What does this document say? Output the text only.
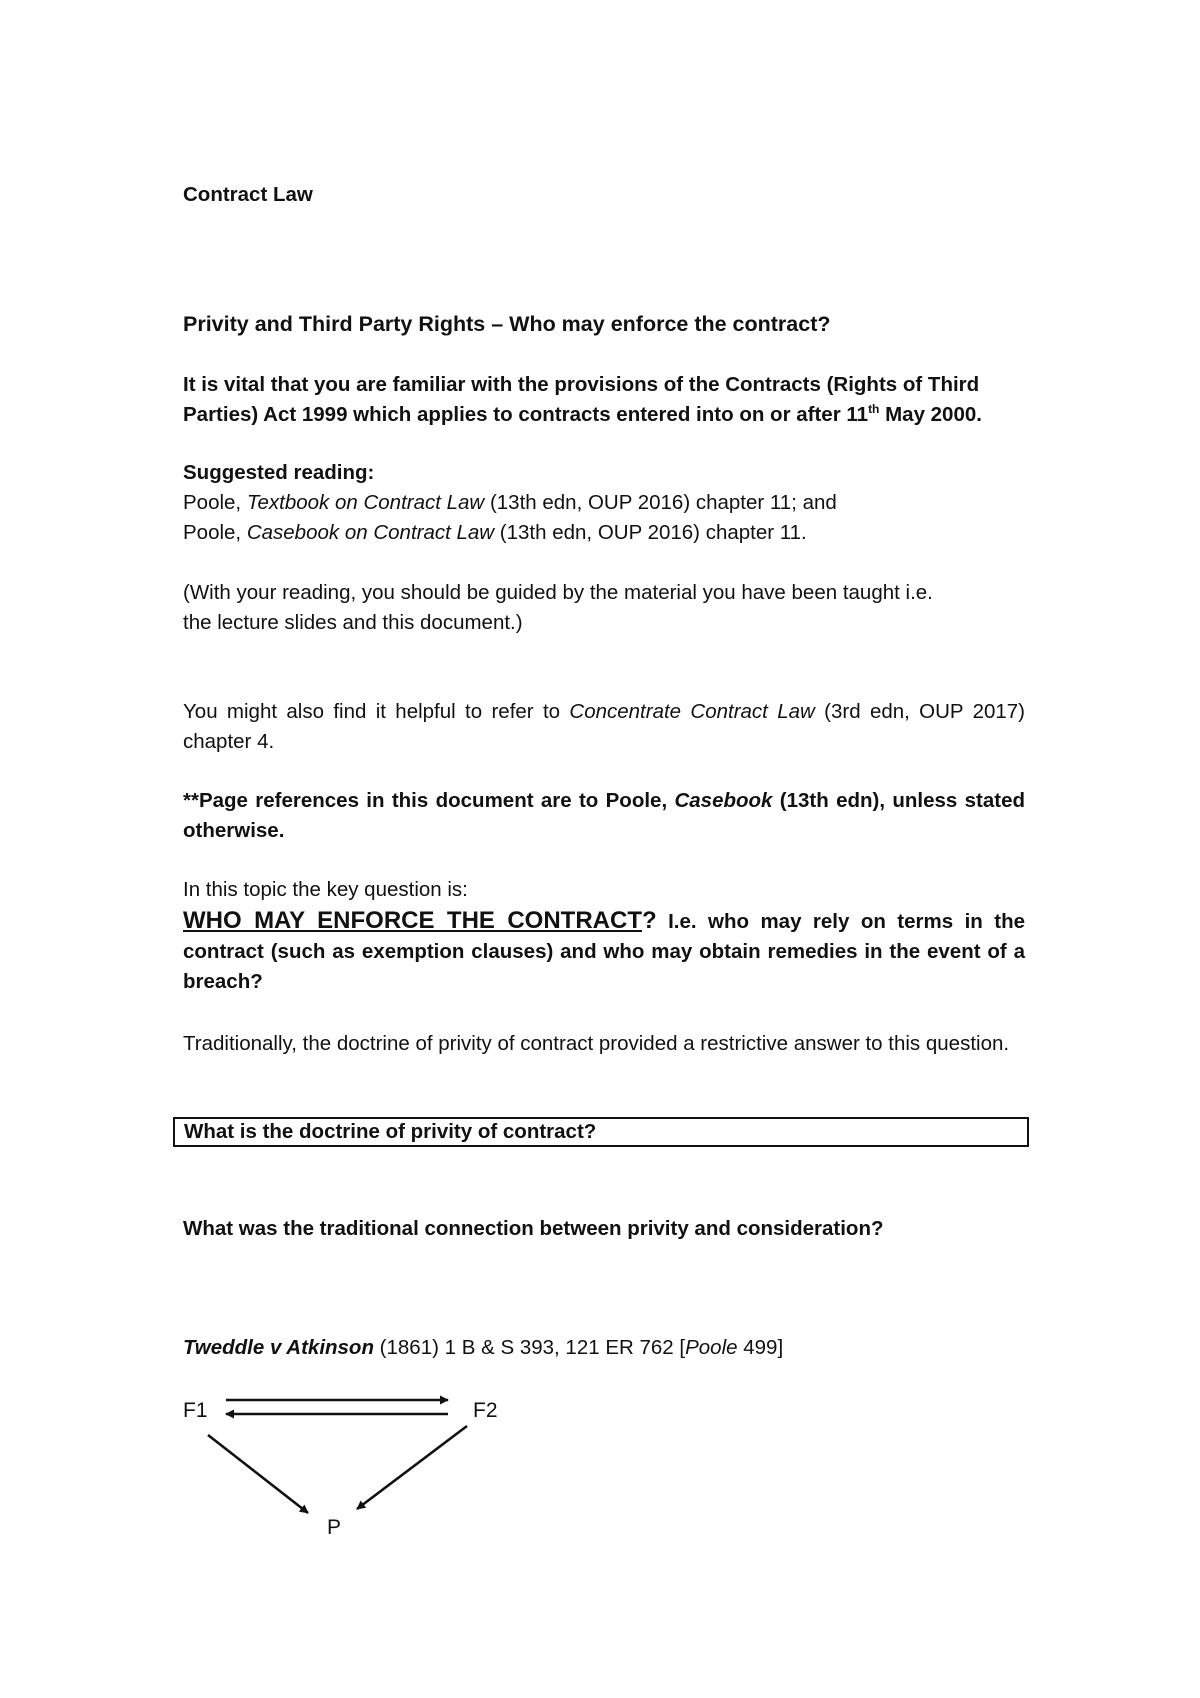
Contract Law
Privity and Third Party Rights – Who may enforce the contract?
It is vital that you are familiar with the provisions of the Contracts (Rights of Third
Parties) Act 1999 which applies to contracts entered into on or after 11th May 2000.
Suggested reading:
Poole, Textbook on Contract Law (13th edn, OUP 2016) chapter 11; and
Poole, Casebook on Contract Law (13th edn, OUP 2016) chapter 11.
(With your reading, you should be guided by the material you have been taught i.e.
the lecture slides and this document.)
You might also find it helpful to refer to Concentrate Contract Law (3rd edn, OUP 2017) chapter 4.
**Page references in this document are to Poole, Casebook (13th edn), unless stated otherwise.
In this topic the key question is:
WHO MAY ENFORCE THE CONTRACT? I.e. who may rely on terms in the contract (such as exemption clauses) and who may obtain remedies in the event of a breach?
Traditionally, the doctrine of privity of contract provided a restrictive answer to this question.
What is the doctrine of privity of contract?
What was the traditional connection between privity and consideration?
Tweddle v Atkinson (1861) 1 B & S 393, 121 ER 762 [Poole 499]
F1	F2
P
